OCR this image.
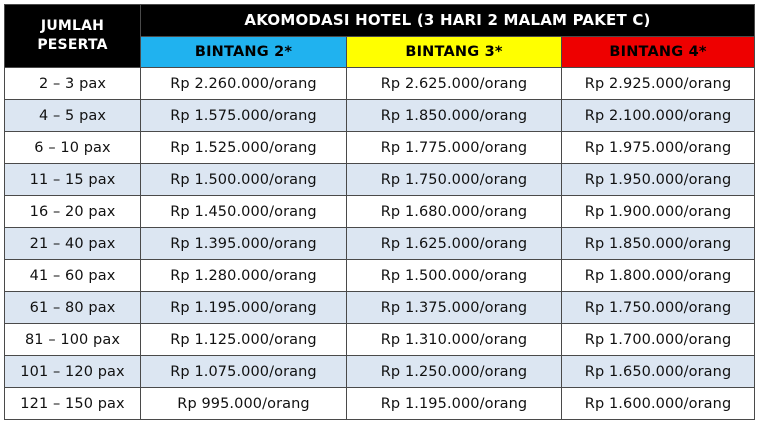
JUMLAH
PESERTA	AKOMODASI HOTEL (3 HARI 2 MALAM PAKET C)		
	BINTANG 2*	BINTANG 3*	BINTANG 4*
2 – 3 pax	Rp 2.260.000/orang	Rp 2.625.000/orang	Rp 2.925.000/orang
4 – 5 pax	Rp 1.575.000/orang	Rp 1.850.000/orang	Rp 2.100.000/orang
6 – 10 pax	Rp 1.525.000/orang	Rp 1.775.000/orang	Rp 1.975.000/orang
11 – 15 pax	Rp 1.500.000/orang	Rp 1.750.000/orang	Rp 1.950.000/orang
16 – 20 pax	Rp 1.450.000/orang	Rp 1.680.000/orang	Rp 1.900.000/orang
21 – 40 pax	Rp 1.395.000/orang	Rp 1.625.000/orang	Rp 1.850.000/orang
41 – 60 pax	Rp 1.280.000/orang	Rp 1.500.000/orang	Rp 1.800.000/orang
61 – 80 pax	Rp 1.195.000/orang	Rp 1.375.000/orang	Rp 1.750.000/orang
81 – 100 pax	Rp 1.125.000/orang	Rp 1.310.000/orang	Rp 1.700.000/orang
101 – 120 pax	Rp 1.075.000/orang	Rp 1.250.000/orang	Rp 1.650.000/orang
121 – 150 pax	Rp 995.000/orang	Rp 1.195.000/orang	Rp 1.600.000/orang
